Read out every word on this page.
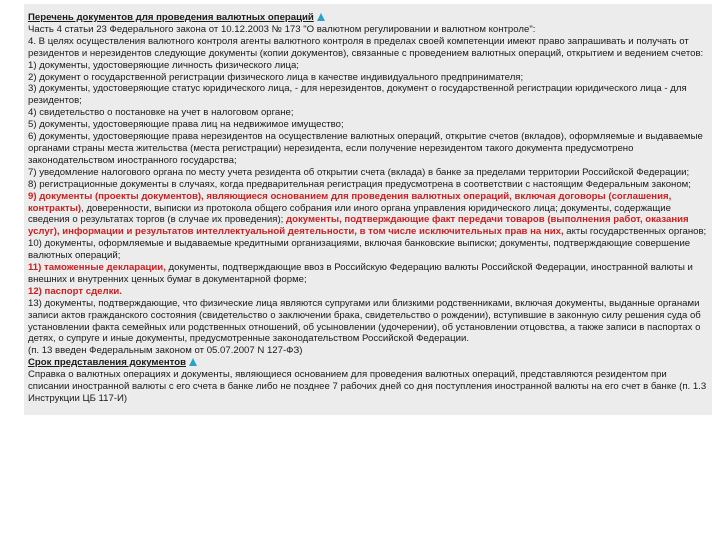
Перечень документов для проведения валютных операций

Часть 4 статьи 23 Федерального закона от 10.12.2003 № 173 "О валютном регулировании и валютном контроле":

4. В целях осуществления валютного контроля агенты валютного контроля в пределах своей компетенции имеют право запрашивать и получать от резидентов и нерезидентов следующие документы (копии документов), связанные с проведением валютных операций, открытием и ведением счетов:

1) документы, удостоверяющие личность физического лица;

2) документ о государственной регистрации физического лица в качестве индивидуального предпринимателя;

3) документы, удостоверяющие статус юридического лица, - для нерезидентов, документ о государственной регистрации юридического лица - для резидентов;

4) свидетельство о постановке на учет в налоговом органе;

5) документы, удостоверяющие права лиц на недвижимое имущество;

6) документы, удостоверяющие права нерезидентов на осуществление валютных операций, открытие счетов (вкладов), оформляемые и выдаваемые органами страны места жительства (места регистрации) нерезидента, если получение нерезидентом такого документа предусмотрено законодательством иностранного государства;

7) уведомление налогового органа по месту учета резидента об открытии счета (вклада) в банке за пределами территории Российской Федерации;

8) регистрационные документы в случаях, когда предварительная регистрация предусмотрена в соответствии с настоящим Федеральным законом;

9) документы (проекты документов), являющиеся основанием для проведения валютных операций, включая договоры (соглашения, контракты), доверенности, выписки из протокола общего собрания или иного органа управления юридического лица; документы, содержащие сведения о результатах торгов (в случае их проведения); документы, подтверждающие факт передачи товаров (выполнения работ, оказания услуг), информации и результатов интеллектуальной деятельности, в том числе исключительных прав на них, акты государственных органов;

10) документы, оформляемые и выдаваемые кредитными организациями, включая банковские выписки; документы, подтверждающие совершение валютных операций;

11) таможенные декларации, документы, подтверждающие ввоз в Российскую Федерацию валюты Российской Федерации, иностранной валюты и внешних и внутренних ценных бумаг в документарной форме;

12) паспорт сделки.

13) документы, подтверждающие, что физические лица являются супругами или близкими родственниками, включая документы, выданные органами записи актов гражданского состояния (свидетельство о заключении брака, свидетельство о рождении), вступившие в законную силу решения суда об установлении факта семейных или родственных отношений, об усыновлении (удочерении), об установлении отцовства, а также записи в паспортах о детях, о супруге и иные документы, предусмотренные законодательством Российской Федерации.

(п. 13 введен Федеральным законом от 05.07.2007 N 127-ФЗ)

Срок представления документов

Справка о валютных операциях и документы, являющиеся основанием для проведения валютных операций, представляются резидентом при списании иностранной валюты с его счета в банке либо не позднее 7 рабочих дней со дня поступления иностранной валюты на его счет в банке (п. 1.3 Инструкции ЦБ 117-И)
